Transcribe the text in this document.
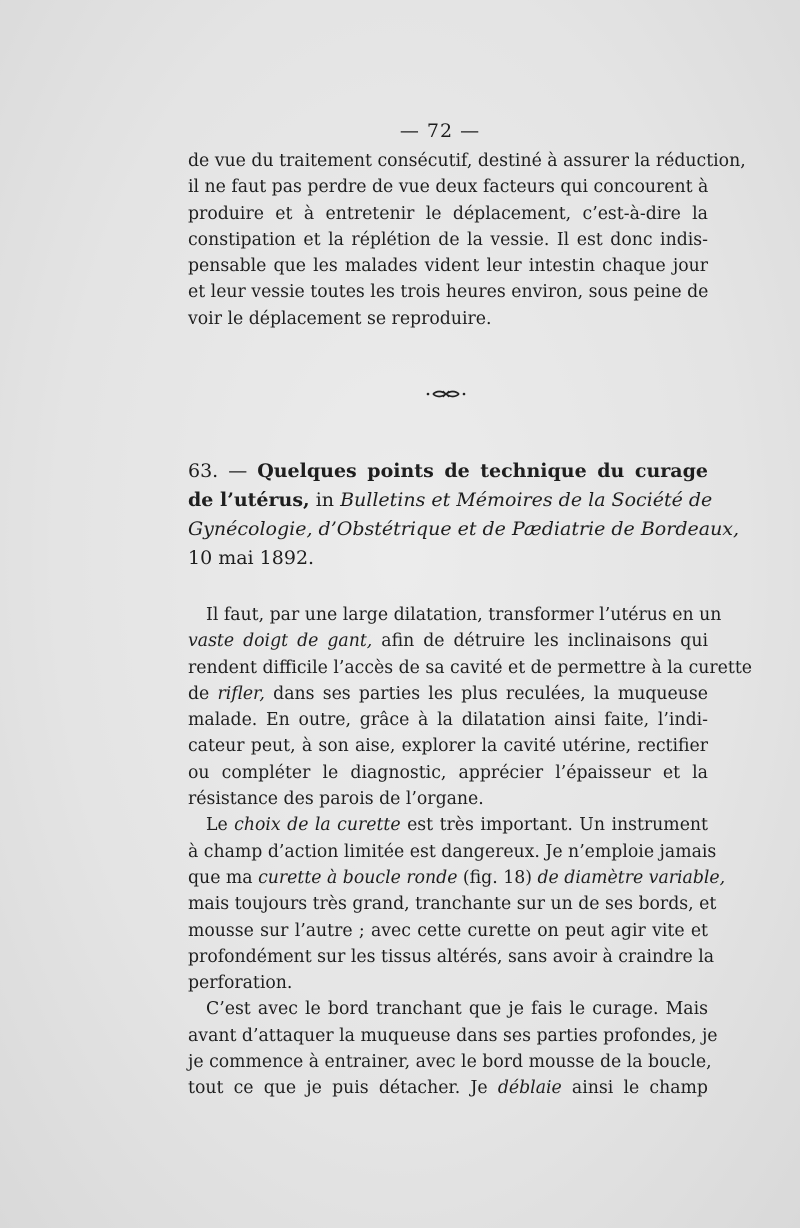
— 72 —
de vue du traitement consécutif, destiné à assurer la réduction,
il ne faut pas perdre de vue deux facteurs qui concourent à
produire et à entretenir le déplacement, c’est-à-dire la
constipation et la réplétion de la vessie. Il est donc indis-
pensable que les malades vident leur intestin chaque jour
et leur vessie toutes les trois heures environ, sous peine de
voir le déplacement se reproduire.
63. — Quelques points de technique du curage
de l’utérus, in Bulletins et Mémoires de la Société de
Gynécologie, d’Obstétrique et de Pædiatrie de Bordeaux,
10 mai 1892.
Il faut, par une large dilatation, transformer l’utérus en un
vaste doigt de gant, afin de détruire les inclinaisons qui
rendent difficile l’accès de sa cavité et de permettre à la curette
de rifler, dans ses parties les plus reculées, la muqueuse
malade. En outre, grâce à la dilatation ainsi faite, l’indi-
cateur peut, à son aise, explorer la cavité utérine, rectifier
ou compléter le diagnostic, apprécier l’épaisseur et la
résistance des parois de l’organe.
Le choix de la curette est très important. Un instrument
à champ d’action limitée est dangereux. Je n’emploie jamais
que ma curette à boucle ronde (fig. 18) de diamètre variable,
mais toujours très grand, tranchante sur un de ses bords, et
mousse sur l’autre ; avec cette curette on peut agir vite et
profondément sur les tissus altérés, sans avoir à craindre la
perforation.
C’est avec le bord tranchant que je fais le curage. Mais
avant d’attaquer la muqueuse dans ses parties profondes, je
je commence à entrainer, avec le bord mousse de la boucle,
tout ce que je puis détacher. Je déblaie ainsi le champ
